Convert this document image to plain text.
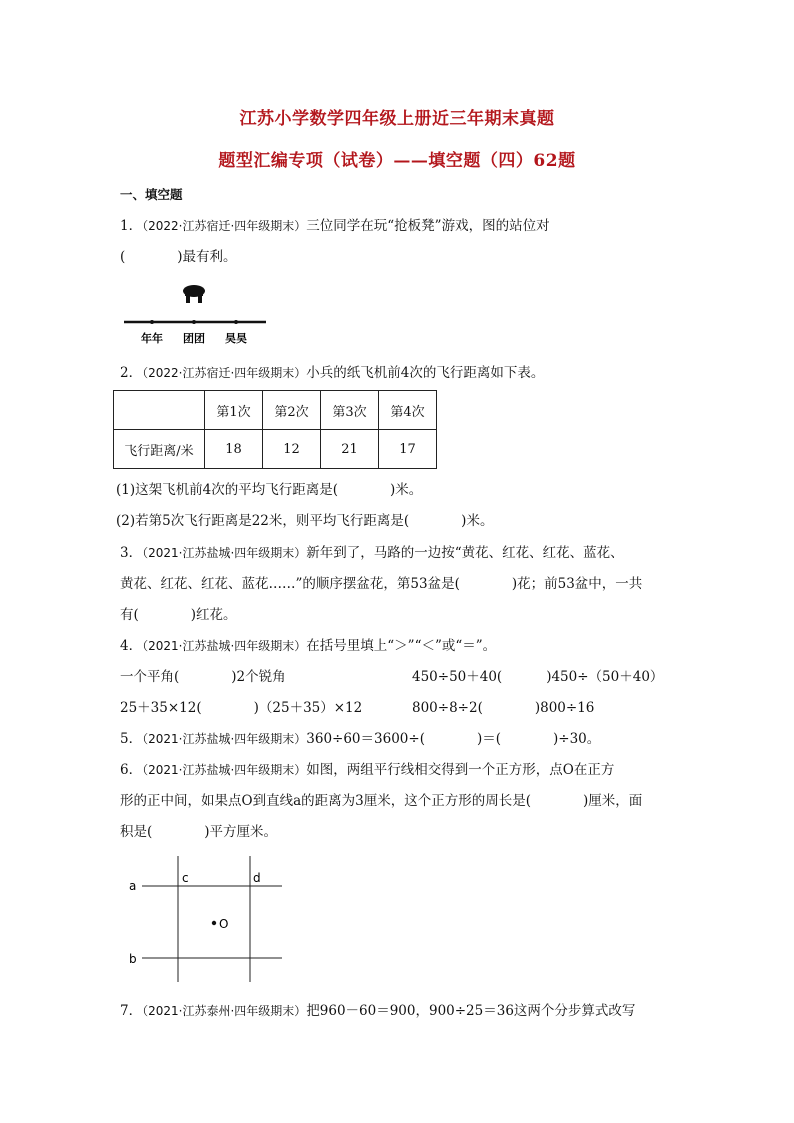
江苏小学数学四年级上册近三年期末真题
题型汇编专项（试卷）——填空题（四）62题
一、填空题
1．（2022·江苏宿迁·四年级期末）三位同学在玩“抢板凳”游戏，图的站位对
(	)最有利。
年年 团团 昊昊
2．（2022·江苏宿迁·四年级期末）小兵的纸飞机前4次的飞行距离如下表。
	第1次	第2次	第3次	第4次
飞行距离/米	18	12	21	17
(1)这架飞机前4次的平均飞行距离是(	)米。
(2)若第5次飞行距离是22米，则平均飞行距离是(	)米。
3．（2021·江苏盐城·四年级期末）新年到了，马路的一边按“黄花、红花、红花、蓝花、
黄花、红花、红花、蓝花……”的顺序摆盆花，第53盆是(	)花；前53盆中，一共
有(	)红花。
4．（2021·江苏盐城·四年级期末）在括号里填上“＞”“＜”或“＝”。
一个平角(	)2个锐角	450÷50＋40(	)450÷（50＋40）
25＋35×12(	)（25＋35）×12	800÷8÷2(	)800÷16
5．（2021·江苏盐城·四年级期末）360÷60＝3600÷(	)＝(	)÷30。
6．（2021·江苏盐城·四年级期末）如图，两组平行线相交得到一个正方形，点O在正方
形的正中间，如果点O到直线a的距离为3厘米，这个正方形的周长是(	)厘米，面
积是(	)平方厘米。
a
b
c	d
O
7．（2021·江苏泰州·四年级期末）把960－60＝900，900÷25＝36这两个分步算式改写
